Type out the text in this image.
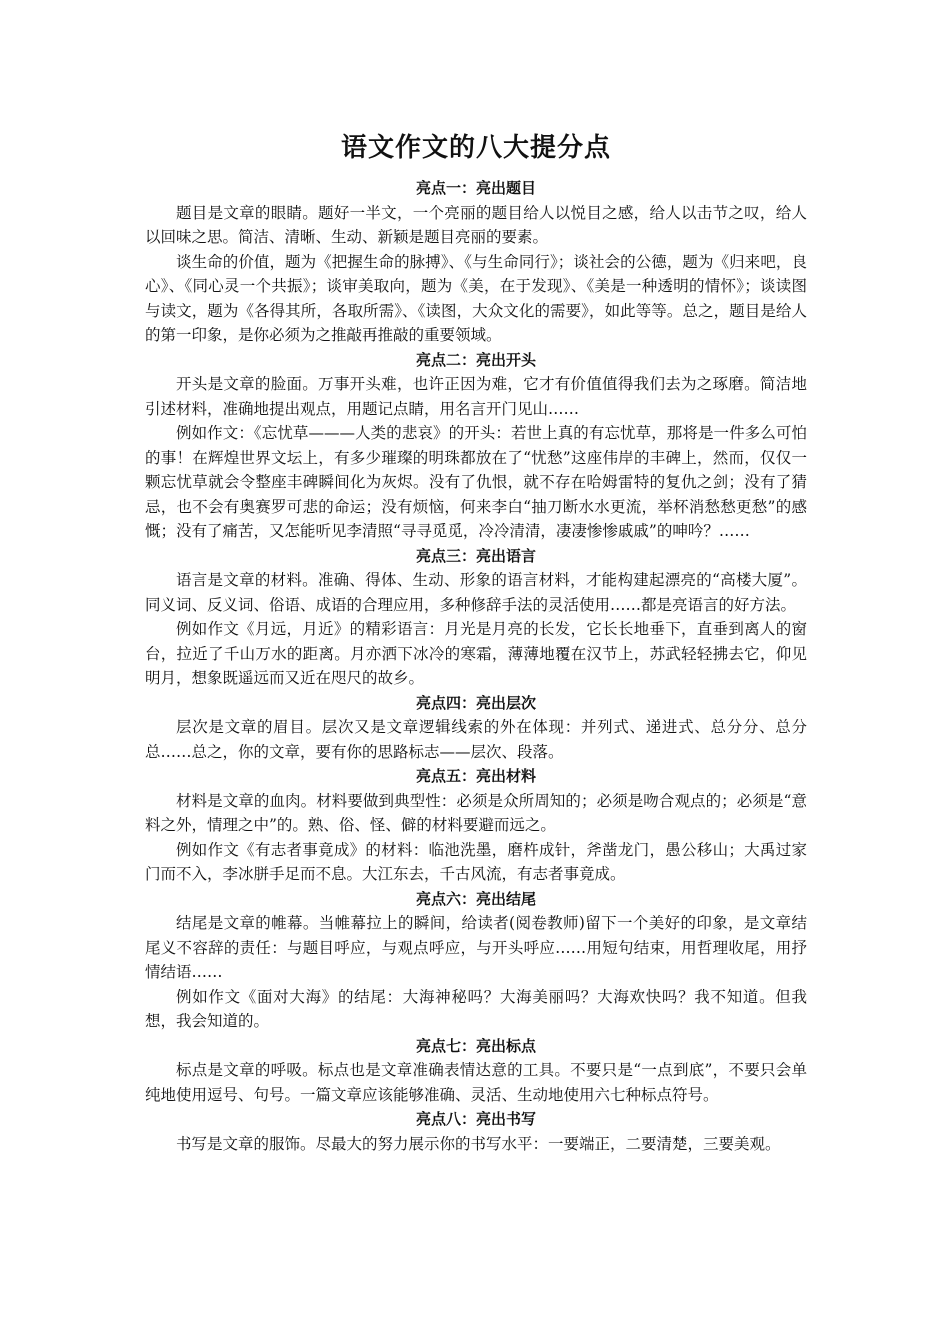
语文作文的八大提分点
亮点一：亮出题目

题目是文章的眼睛。题好一半文，一个亮丽的题目给人以悦目之感，给人以击节之叹，给人以回味之思。简洁、清晰、生动、新颖是题目亮丽的要素。

谈生命的价值，题为《把握生命的脉搏》、《与生命同行》；谈社会的公德，题为《归来吧，良心》、《同心灵一个共振》；谈审美取向，题为《美，在于发现》、《美是一种透明的情怀》；谈读图与读文，题为《各得其所，各取所需》、《读图，大众文化的需要》，如此等等。总之，题目是给人的第一印象，是你必须为之推敲再推敲的重要领域。

亮点二：亮出开头

开头是文章的脸面。万事开头难，也许正因为难，它才有价值值得我们去为之琢磨。简洁地引述材料，准确地提出观点，用题记点睛，用名言开门见山……

例如作文：《忘忧草———人类的悲哀》的开头：若世上真的有忘忧草，那将是一件多么可怕的事！在辉煌世界文坛上，有多少璀璨的明珠都放在了“忧愁”这座伟岸的丰碑上，然而，仅仅一颗忘忧草就会令整座丰碑瞬间化为灰烬。没有了仇恨，就不存在哈姆雷特的复仇之剑；没有了猜忌，也不会有奥赛罗可悲的命运；没有烦恼，何来李白“抽刀断水水更流，举杯消愁愁更愁”的感慨；没有了痛苦，又怎能听见李清照“寻寻觅觅，冷冷清清，凄凄惨惨戚戚”的呻吟？……

亮点三：亮出语言

语言是文章的材料。准确、得体、生动、形象的语言材料，才能构建起漂亮的“高楼大厦”。同义词、反义词、俗语、成语的合理应用，多种修辞手法的灵活使用……都是亮语言的好方法。

例如作文《月远，月近》的精彩语言：月光是月亮的长发，它长长地垂下，直垂到离人的窗台，拉近了千山万水的距离。月亦洒下冰冷的寒霜，薄薄地覆在汉节上，苏武轻轻拂去它，仰见明月，想象既遥远而又近在咫尺的故乡。

亮点四：亮出层次

层次是文章的眉目。层次又是文章逻辑线索的外在体现：并列式、递进式、总分分、总分总……总之，你的文章，要有你的思路标志——层次、段落。

亮点五：亮出材料

材料是文章的血肉。材料要做到典型性：必须是众所周知的；必须是吻合观点的；必须是“意料之外，情理之中”的。熟、俗、怪、僻的材料要避而远之。

例如作文《有志者事竟成》的材料：临池洗墨，磨杵成针，斧凿龙门，愚公移山；大禹过家门而不入，李冰胼手足而不息。大江东去，千古风流，有志者事竟成。

亮点六：亮出结尾

结尾是文章的帷幕。当帷幕拉上的瞬间，给读者(阅卷教师)留下一个美好的印象，是文章结尾义不容辞的责任：与题目呼应，与观点呼应，与开头呼应……用短句结束，用哲理收尾，用抒情结语……

例如作文《面对大海》的结尾：大海神秘吗？大海美丽吗？大海欢快吗？我不知道。但我想，我会知道的。

亮点七：亮出标点

标点是文章的呼吸。标点也是文章准确表情达意的工具。不要只是“一点到底”，不要只会单纯地使用逗号、句号。一篇文章应该能够准确、灵活、生动地使用六七种标点符号。

亮点八：亮出书写

书写是文章的服饰。尽最大的努力展示你的书写水平：一要端正，二要清楚，三要美观。
